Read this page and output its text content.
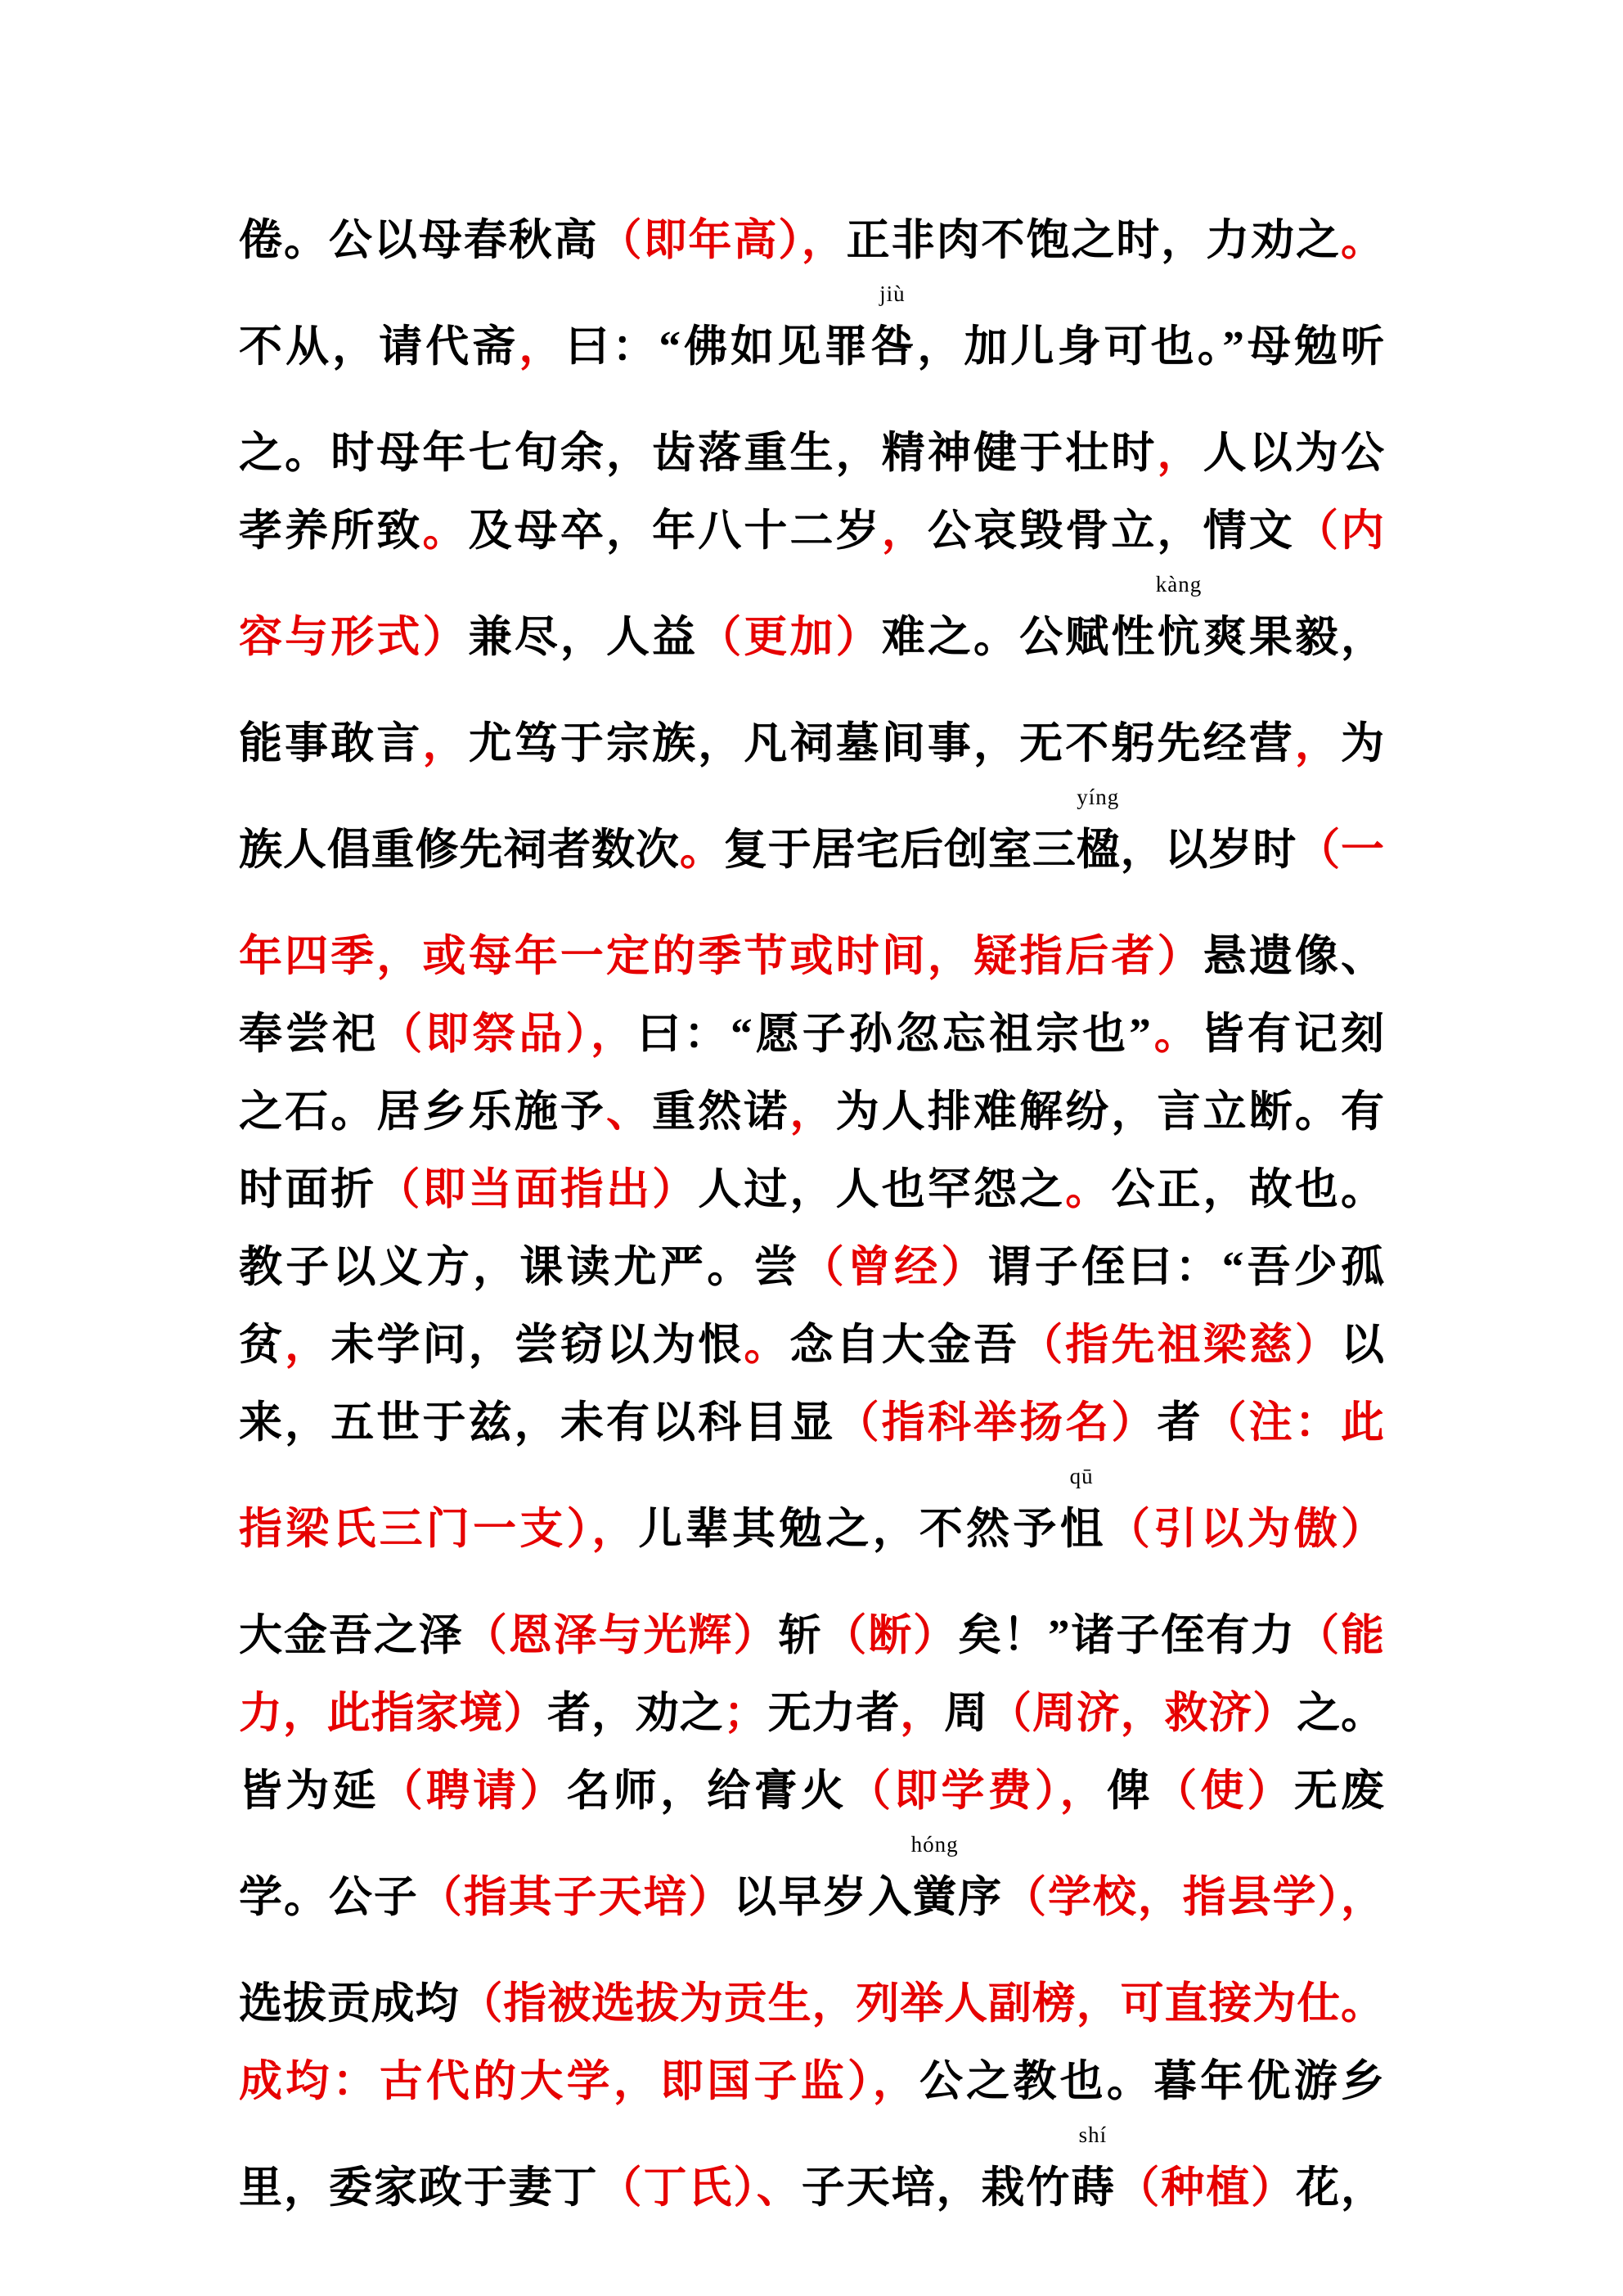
倦。公以母春秋高（即年高），正非肉不饱之时，力劝之。
不从，请代斋，曰：“佛如见罪
jiù
咎，加儿身可也。”母勉听
之。时母年七旬余，齿落重生，精神健于壮时，人以为公
孝养所致。及母卒，年八十二岁，公哀毁骨立，情文（内
容与形式）兼尽，人益（更加）难之。公赋性
kàng
忼爽果毅，
能事敢言，尤笃于宗族，凡祠墓间事，无不躬先经营，为
族人倡重修先祠者数次。复于居宅后创室三
yíng
楹，以岁时（一
年四季，或每年一定的季节或时间，疑指后者）悬遗像、
奉尝祀（即祭品），曰：“愿子孙忽忘祖宗也”。皆有记刻
之石。居乡乐施予、重然诺，为人排难解纷，言立断。有
时面折（即当面指出）人过，人也罕怨之。公正，故也。
教子以义方，课读尤严。尝（曾经）谓子侄曰：“吾少孤
贫，未学问，尝窃以为恨。念自大金吾（指先祖梁慈）以
来，五世于兹，未有以科目显（指科举扬名）者（注：此
指梁氏三门一支），儿辈其勉之，不然予
qū
怚（引以为傲）
大金吾之泽（恩泽与光辉）斩（断）矣！”诸子侄有力（能
力，此指家境）者，劝之；无力者，周（周济，救济）之。
皆为延（聘请）名师，给膏火（即学费），俾（使）无废
学。公子（指其子天培）以早岁入
hóng
黉序（学校，指县学），
选拔贡成均（指被选拔为贡生，列举人副榜，可直接为仕。
成均：古代的大学，即国子监），公之教也。暮年优游乡
里，委家政于妻丁（丁氏）、子天培，栽竹
shí
蒔（种植）花，
